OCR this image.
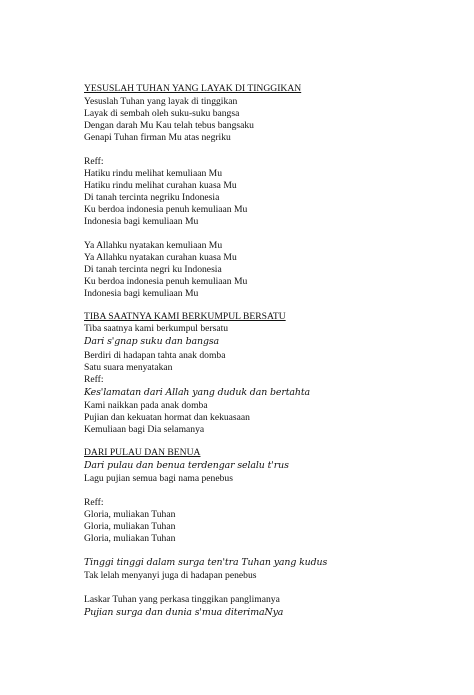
YESUSLAH TUHAN YANG LAYAK DI TINGGIKAN
Yesuslah Tuhan yang layak di tinggikan
Layak di sembah oleh suku-suku bangsa
Dengan darah Mu Kau telah tebus bangsaku
Genapi Tuhan firman Mu atas negriku
Reff:
Hatiku rindu melihat kemuliaan Mu
Hatiku rindu melihat curahan kuasa Mu
Di tanah tercinta negriku Indonesia
Ku berdoa indonesia penuh kemuliaan Mu
Indonesia bagi kemuliaan Mu
Ya Allahku nyatakan kemuliaan Mu
Ya Allahku nyatakan curahan kuasa Mu
Di tanah tercinta negri ku Indonesia
Ku berdoa indonesia penuh kemuliaan Mu
Indonesia bagi kemuliaan Mu
TIBA SAATNYA KAMI BERKUMPUL BERSATU
Tiba saatnya kami berkumpul bersatu
Dari s'gnap suku dan bangsa
Berdiri di hadapan tahta anak domba
Satu suara menyatakan
Reff:
Kes'lamatan dari Allah yang duduk dan bertahta
Kami naikkan pada anak domba
Pujian dan kekuatan hormat dan kekuasaan
Kemuliaan bagi Dia selamanya
DARI PULAU DAN BENUA
Dari pulau dan benua terdengar selalu t'rus
Lagu pujian semua bagi nama penebus
Reff:
Gloria, muliakan Tuhan
Gloria, muliakan Tuhan
Gloria, muliakan Tuhan
Tinggi tinggi dalam surga ten'tra Tuhan yang kudus
Tak lelah menyanyi juga di hadapan penebus
Laskar Tuhan yang perkasa tinggikan panglimanya
Pujian surga dan dunia s'mua diterimaNya
